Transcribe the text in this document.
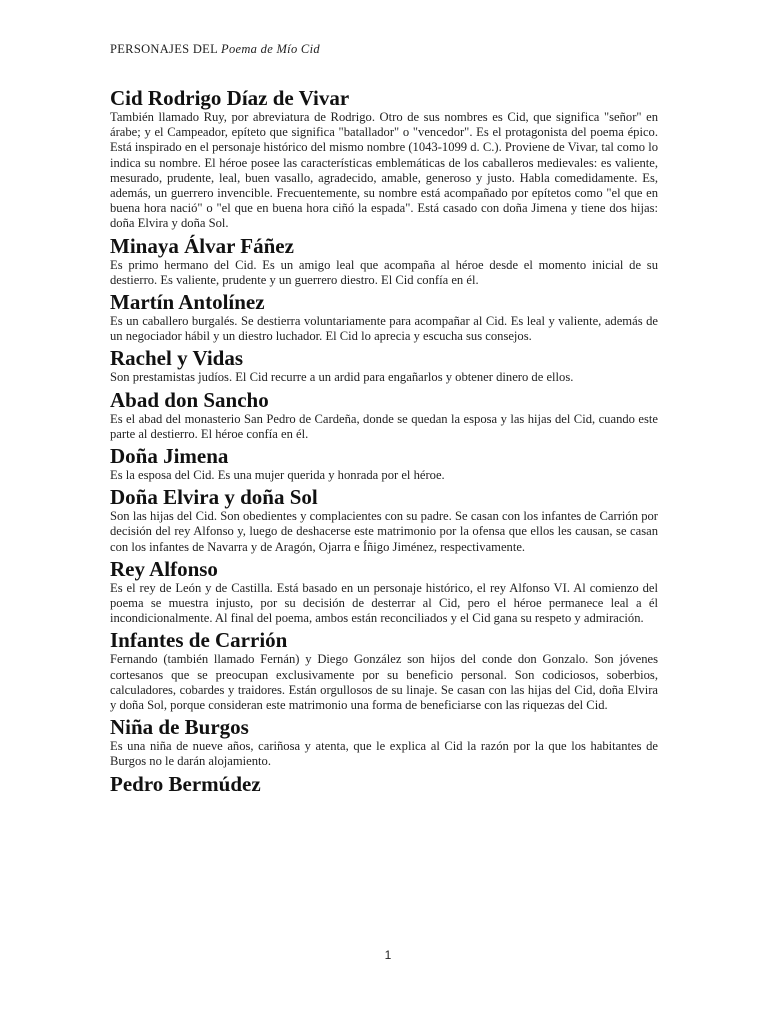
PERSONAJES DEL Poema de Mío Cid
Cid Rodrigo Díaz de Vivar

También llamado Ruy, por abreviatura de Rodrigo. Otro de sus nombres es Cid, que significa "señor" en árabe; y el Campeador, epíteto que significa "batallador" o "vencedor". Es el protagonista del poema épico. Está inspirado en el personaje histórico del mismo nombre (1043-1099 d. C.). Proviene de Vivar, tal como lo indica su nombre. El héroe posee las características emblemáticas de los caballeros medievales: es valiente, mesurado, prudente, leal, buen vasallo, agradecido, amable, generoso y justo. Habla comedidamente. Es, además, un guerrero invencible. Frecuentemente, su nombre está acompañado por epítetos como "el que en buena hora nació" o "el que en buena hora ciñó la espada". Está casado con doña Jimena y tiene dos hijas: doña Elvira y doña Sol.

Minaya Álvar Fáñez

Es primo hermano del Cid. Es un amigo leal que acompaña al héroe desde el momento inicial de su destierro. Es valiente, prudente y un guerrero diestro. El Cid confía en él.

Martín Antolínez

Es un caballero burgalés. Se destierra voluntariamente para acompañar al Cid. Es leal y valiente, además de un negociador hábil y un diestro luchador. El Cid lo aprecia y escucha sus consejos.

Rachel y Vidas

Son prestamistas judíos. El Cid recurre a un ardid para engañarlos y obtener dinero de ellos.

Abad don Sancho

Es el abad del monasterio San Pedro de Cardeña, donde se quedan la esposa y las hijas del Cid, cuando este parte al destierro. El héroe confía en él.

Doña Jimena

Es la esposa del Cid. Es una mujer querida y honrada por el héroe.

Doña Elvira y doña Sol

Son las hijas del Cid. Son obedientes y complacientes con su padre. Se casan con los infantes de Carrión por decisión del rey Alfonso y, luego de deshacerse este matrimonio por la ofensa que ellos les causan, se casan con los infantes de Navarra y de Aragón, Ojarra e Íñigo Jiménez, respectivamente.

Rey Alfonso

Es el rey de León y de Castilla. Está basado en un personaje histórico, el rey Alfonso VI. Al comienzo del poema se muestra injusto, por su decisión de desterrar al Cid, pero el héroe permanece leal a él incondicionalmente. Al final del poema, ambos están reconciliados y el Cid gana su respeto y admiración.

Infantes de Carrión

Fernando (también llamado Fernán) y Diego González son hijos del conde don Gonzalo. Son jóvenes cortesanos que se preocupan exclusivamente por su beneficio personal. Son codiciosos, soberbios, calculadores, cobardes y traidores. Están orgullosos de su linaje. Se casan con las hijas del Cid, doña Elvira y doña Sol, porque consideran este matrimonio una forma de beneficiarse con las riquezas del Cid.

Niña de Burgos

Es una niña de nueve años, cariñosa y atenta, que le explica al Cid la razón por la que los habitantes de Burgos no le darán alojamiento.

Pedro Bermúdez
1
